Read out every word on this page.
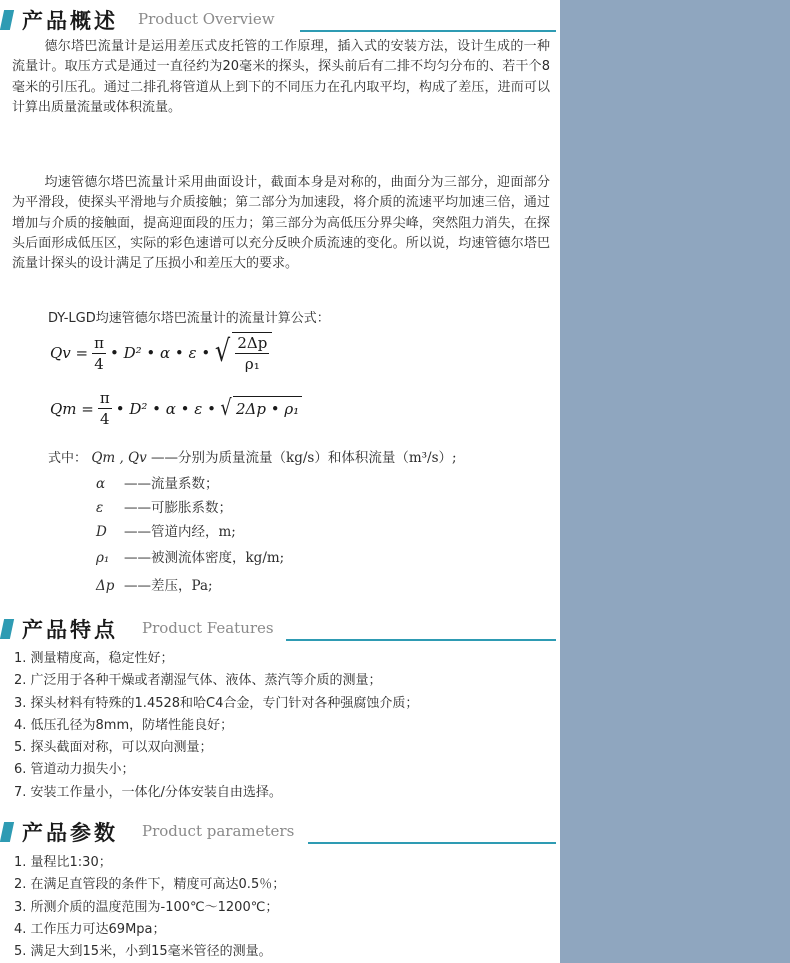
产品概述 Product Overview

德尔塔巴流量计是运用差压式皮托管的工作原理，插入式的安装方法，设计生成的一种流量计。取压方式是通过一直径约为20毫米的探头，探头前后有二排不均匀分布的、若干个8毫米的引压孔。通过二排孔将管道从上到下的不同压力在孔内取平均，构成了差压，进而可以计算出质量流量或体积流量。

均速管德尔塔巴流量计采用曲面设计，截面本身是对称的，曲面分为三部分，迎面部分为平滑段，使探头平滑地与介质接触；第二部分为加速段，将介质的流速平均加速三倍，通过增加与介质的接触面，提高迎面段的压力；第三部分为高低压分界尖峰，突然阻力消失，在探头后面形成低压区，实际的彩色速谱可以充分反映介质流速的变化。所以说，均速管德尔塔巴流量计探头的设计满足了压损小和差压大的要求。

DY-LGD均速管德尔塔巴流量计的流量计算公式：
$Qv = \frac{\pi}{4}$ • D² • α • ε • √ $\frac{2\Delta p}{\text{ρ₁}}$
$Qm = \frac{\pi}{4}$ • D² • α • ε • √ 2Δp • ρ₁
式中： Qm , Qv ——分别为质量流量（kg/s）和体积流量（m³/s）;
α ——流量系数；
ε ——可膨胀系数；
D ——管道内经，m;
ρ₁ ——被测流体密度，kg/m;
Δp ——差压，Pa;
产品特点 Product Features
1. 测量精度高，稳定性好；
2. 广泛用于各种干燥或者潮湿气体、液体、蒸汽等介质的测量；
3. 探头材料有特殊的1.4528和哈C4合金，专门针对各种强腐蚀介质；
4. 低压孔径为8mm，防堵性能良好；
5. 探头截面对称，可以双向测量；
6. 管道动力损失小；
7. 安装工作量小，一体化/分体安装自由选择。
产品参数 Product parameters
1. 量程比1:30；
2. 在满足直管段的条件下，精度可高达0.5％；
3. 所测介质的温度范围为-100℃～1200℃；
4. 工作压力可达69Mpa；
5. 满足大到15米，小到15毫米管径的测量。
